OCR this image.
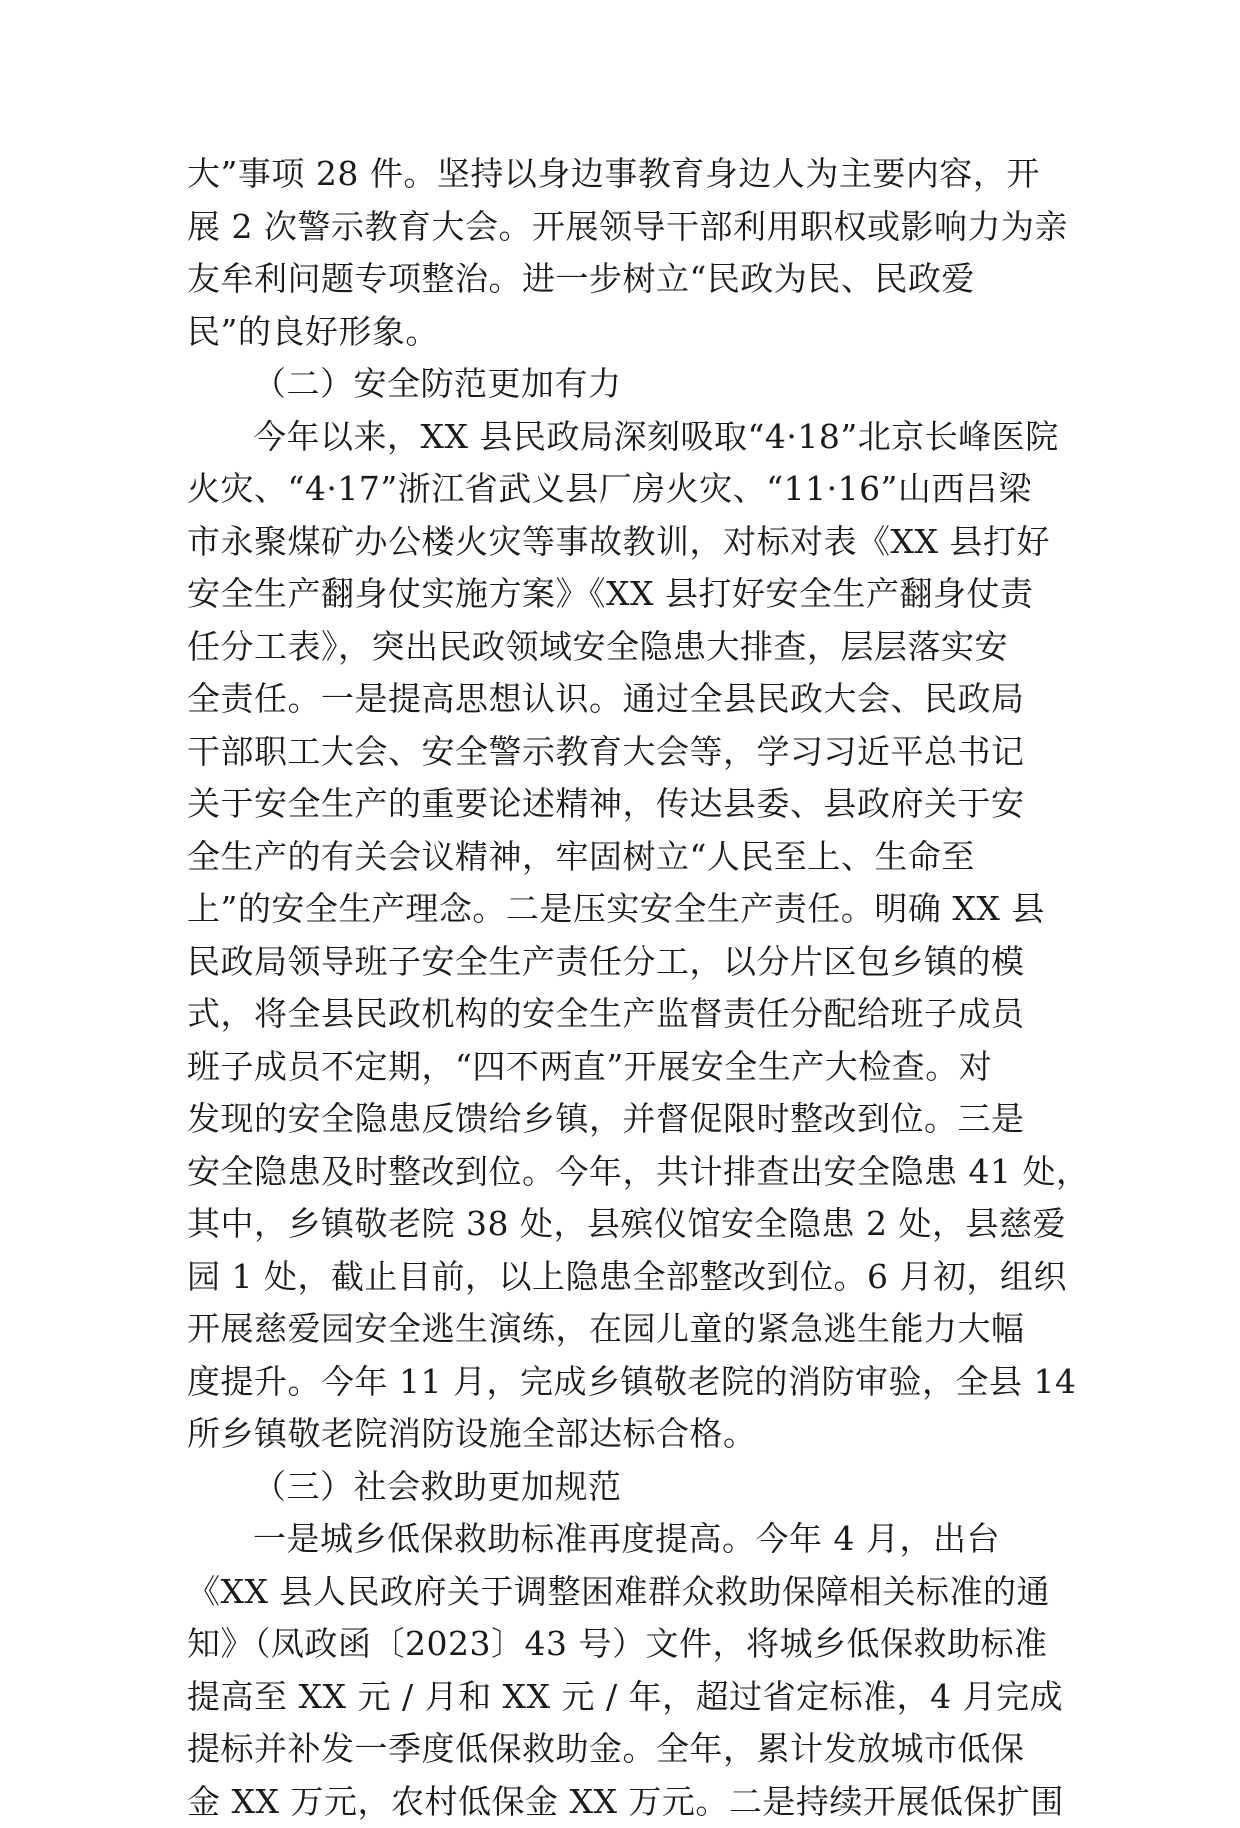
大”事项 28 件。坚持以身边事教育身边人为主要内容，开
展 2 次警示教育大会。开展领导干部利用职权或影响力为亲
友牟利问题专项整治。进一步树立“民政为民、民政爱
民”的良好形象。
（二）安全防范更加有力
今年以来，XX 县民政局深刻吸取“4·18”北京长峰医院
火灾、“4·17”浙江省武义县厂房火灾、“11·16”山西吕梁
市永聚煤矿办公楼火灾等事故教训，对标对表《XX 县打好
安全生产翻身仗实施方案》《XX 县打好安全生产翻身仗责
任分工表》，突出民政领域安全隐患大排查，层层落实安
全责任。一是提高思想认识。通过全县民政大会、民政局
干部职工大会、安全警示教育大会等，学习习近平总书记
关于安全生产的重要论述精神，传达县委、县政府关于安
全生产的有关会议精神，牢固树立“人民至上、生命至
上”的安全生产理念。二是压实安全生产责任。明确 XX 县
民政局领导班子安全生产责任分工，以分片区包乡镇的模
式，将全县民政机构的安全生产监督责任分配给班子成员
班子成员不定期，“四不两直”开展安全生产大检查。对
发现的安全隐患反馈给乡镇，并督促限时整改到位。三是
安全隐患及时整改到位。今年，共计排查出安全隐患 41 处，
其中，乡镇敬老院 38 处，县殡仪馆安全隐患 2 处，县慈爱
园 1 处，截止目前，以上隐患全部整改到位。6 月初，组织
开展慈爱园安全逃生演练，在园儿童的紧急逃生能力大幅
度提升。今年 11 月，完成乡镇敬老院的消防审验，全县 14
所乡镇敬老院消防设施全部达标合格。
（三）社会救助更加规范
一是城乡低保救助标准再度提高。今年 4 月，出台
《XX 县人民政府关于调整困难群众救助保障相关标准的通
知》（凤政函〔2023〕43 号）文件，将城乡低保救助标准
提高至 XX 元 / 月和 XX 元 / 年，超过省定标准，4 月完成
提标并补发一季度低保救助金。全年，累计发放城市低保
金 XX 万元，农村低保金 XX 万元。二是持续开展低保扩围
